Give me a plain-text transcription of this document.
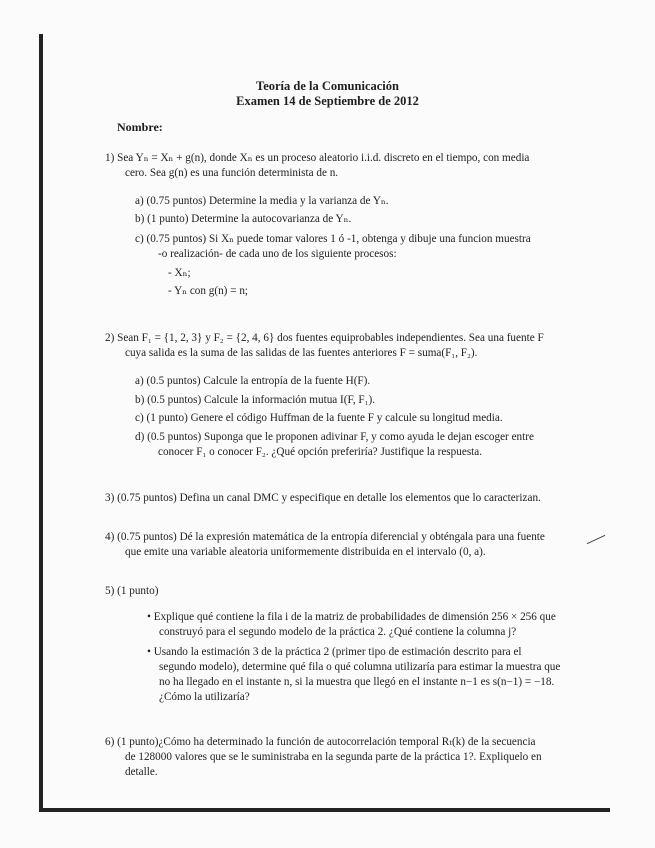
Teoría de la Comunicación
Examen 14 de Septiembre de 2012
Nombre:
1) Sea Yₙ = Xₙ + g(n), donde Xₙ es un proceso aleatorio i.i.d. discreto en el tiempo, con media
cero. Sea g(n) es una función determinista de n.
a) (0.75 puntos) Determine la media y la varianza de Yₙ.
b) (1 punto) Determine la autocovarianza de Yₙ.
c) (0.75 puntos) Si Xₙ puede tomar valores 1 ó -1, obtenga y dibuje una funcion muestra
-o realización- de cada uno de los siguiente procesos:
- Xₙ;
- Yₙ con g(n) = n;
2) Sean F₁ = {1, 2, 3} y F₂ = {2, 4, 6} dos fuentes equiprobables independientes. Sea una fuente F
cuya salida es la suma de las salidas de las fuentes anteriores F = suma(F₁, F₂).
a) (0.5 puntos) Calcule la entropía de la fuente H(F).
b) (0.5 puntos) Calcule la información mutua I(F, F₁).
c) (1 punto) Genere el código Huffman de la fuente F y calcule su longitud media.
d) (0.5 puntos) Suponga que le proponen adivinar F, y como ayuda le dejan escoger entre
conocer F₁ o conocer F₂. ¿Qué opción preferiría? Justifique la respuesta.
3) (0.75 puntos) Defina un canal DMC y especifique en detalle los elementos que lo caracterizan.
4) (0.75 puntos) Dé la expresión matemática de la entropía diferencial y obténgala para una fuente
que emite una variable aleatoria uniformemente distribuida en el intervalo (0, a).
5) (1 punto)
• Explique qué contiene la fila i de la matriz de probabilidades de dimensión 256 × 256 que
construyó para el segundo modelo de la práctica 2. ¿Qué contiene la columna j?
• Usando la estimación 3 de la práctica 2 (primer tipo de estimación descrito para el
segundo modelo), determine qué fila o qué columna utilizaría para estimar la muestra que
no ha llegado en el instante n, si la muestra que llegó en el instante n−1 es s(n−1) = −18.
¿Cómo la utilizaría?
6) (1 punto)¿Cómo ha determinado la función de autocorrelación temporal Rₜ(k) de la secuencia
de 128000 valores que se le suministraba en la segunda parte de la práctica 1?. Expliquelo en
detalle.
